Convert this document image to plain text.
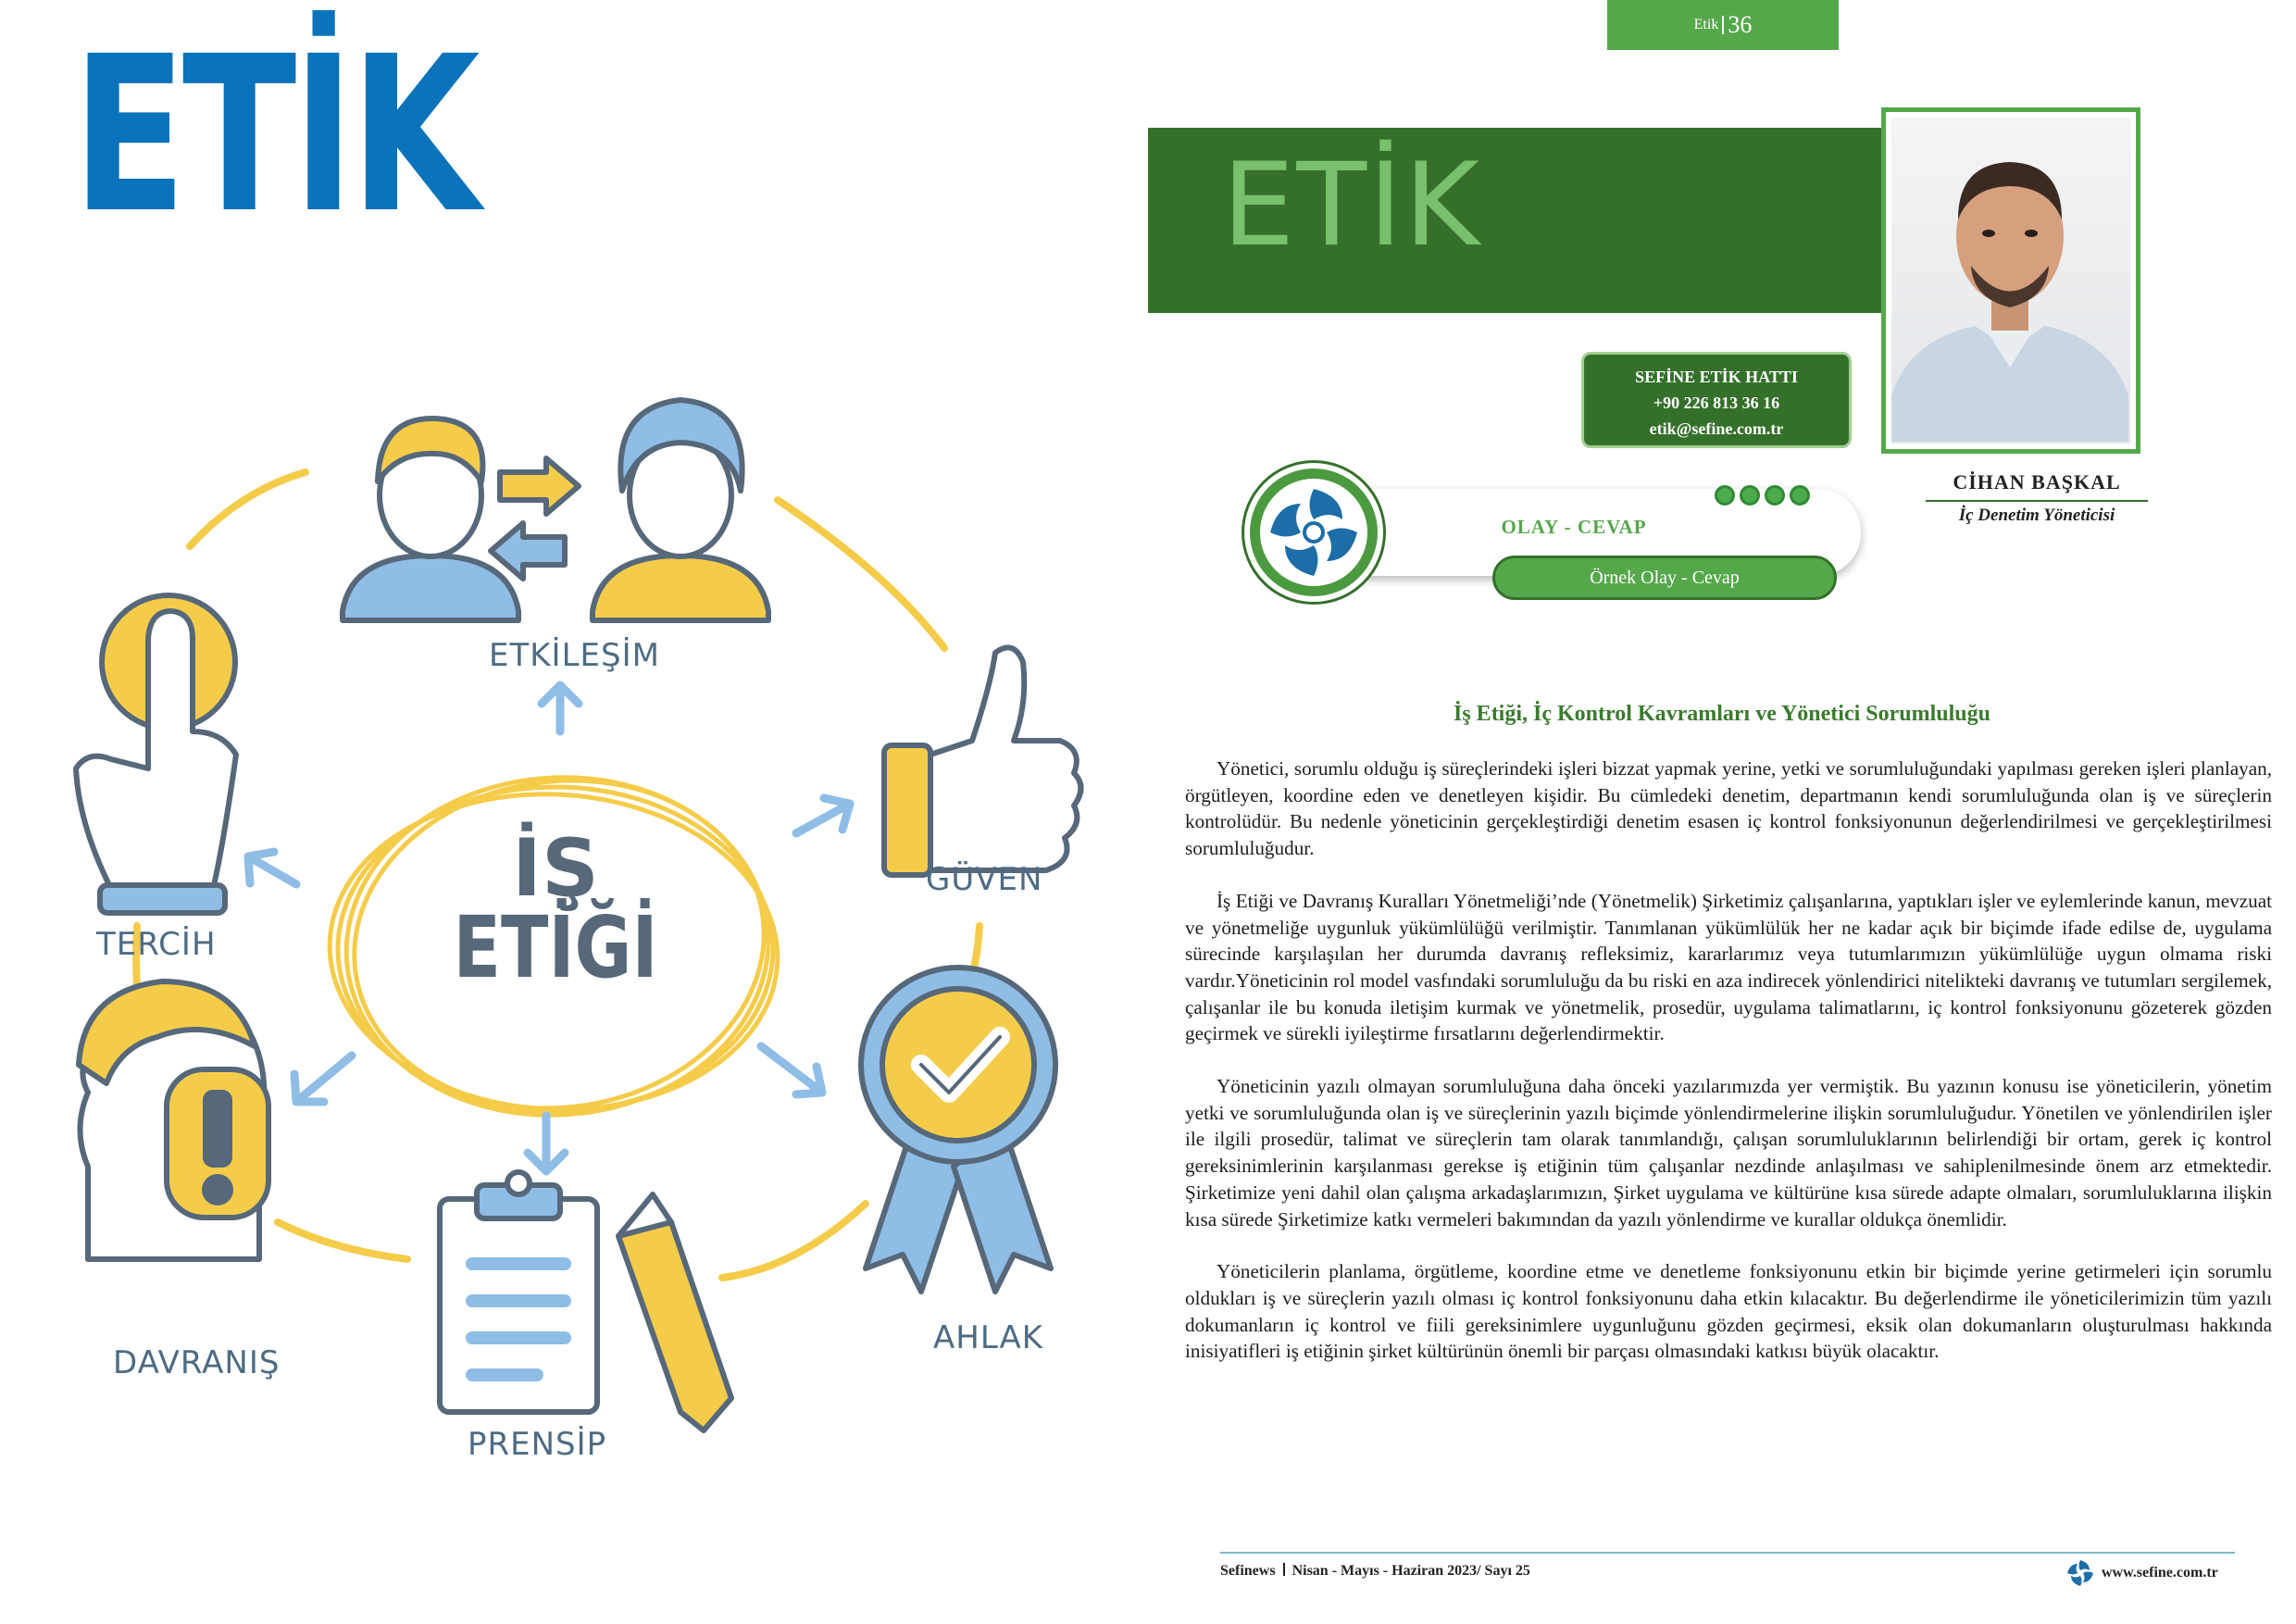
ETİK
ETKİLEŞİM
GÜVEN
TERCİH
DAVRANIŞ
PRENSİP
AHLAK
İŞ
ETİĞİ
Etik 36
ETİK
CİHAN BAŞKAL
İç Denetim Yöneticisi
SEFİNE ETİK HATTI
+90 226 813 36 16
etik@sefine.com.tr
OLAY - CEVAP
Örnek Olay - Cevap
İş Etiği, İç Kontrol Kavramları ve Yönetici Sorumluluğu

Yönetici, sorumlu olduğu iş süreçlerindeki işleri bizzat yapmak yerine, yetki ve sorumluluğundaki yapılması gereken işleri planlayan, örgütleyen, koordine eden ve denetleyen kişidir. Bu cümledeki denetim, departmanın kendi sorumluluğunda olan iş ve süreçlerin kontrolüdür. Bu nedenle yöneticinin gerçekleştirdiği denetim esasen iç kontrol fonksiyonunun değerlendirilmesi ve gerçekleştirilmesi sorumluluğudur.

İş Etiği ve Davranış Kuralları Yönetmeliği’nde (Yönetmelik) Şirketimiz çalışanlarına, yaptıkları işler ve eylemlerinde kanun, mevzuat ve yönetmeliğe uygunluk yükümlülüğü verilmiştir. Tanımlanan yükümlülük her ne kadar açık bir biçimde ifade edilse de, uygulama sürecinde karşılaşılan her durumda davranış refleksimiz, kararlarımız veya tutumlarımızın yükümlülüğe uygun olmama riski vardır.Yöneticinin rol model vasfındaki sorumluluğu da bu riski en aza indirecek yönlendirici nitelikteki davranış ve tutumları sergilemek, çalışanlar ile bu konuda iletişim kurmak ve yönetmelik, prosedür, uygulama talimatlarını, iç kontrol fonksiyonunu gözeterek gözden geçirmek ve sürekli iyileştirme fırsatlarını değerlendirmektir.

Yöneticinin yazılı olmayan sorumluluğuna daha önceki yazılarımızda yer vermiştik. Bu yazının konusu ise yöneticilerin, yönetim yetki ve sorumluluğunda olan iş ve süreçlerinin yazılı biçimde yönlendirmelerine ilişkin sorumluluğudur. Yönetilen ve yönlendirilen işler ile ilgili prosedür, talimat ve süreçlerin tam olarak tanımlandığı, çalışan sorumluluklarının belirlendiği bir ortam, gerek iç kontrol gereksinimlerinin karşılanması gerekse iş etiğinin tüm çalışanlar nezdinde anlaşılması ve sahiplenilmesinde önem arz etmektedir. Şirketimize yeni dahil olan çalışma arkadaşlarımızın, Şirket uygulama ve kültürüne kısa sürede adapte olmaları, sorumluluklarına ilişkin kısa sürede Şirketimize katkı vermeleri bakımından da yazılı yönlendirme ve kurallar oldukça önemlidir.

Yöneticilerin planlama, örgütleme, koordine etme ve denetleme fonksiyonunu etkin bir biçimde yerine getirmeleri için sorumlu oldukları iş ve süreçlerin yazılı olması iç kontrol fonksiyonunu daha etkin kılacaktır. Bu değerlendirme ile yöneticilerimizin tüm yazılı dokumanların iç kontrol ve fiili gereksinimlere uygunluğunu gözden geçirmesi, eksik olan dokumanların oluşturulması hakkında inisiyatifleri iş etiğinin şirket kültürünün önemli bir parçası olmasındaki katkısı büyük olacaktır.

Sefinews Nisan - Mayıs - Haziran 2023/ Sayı 25	www.sefine.com.tr
